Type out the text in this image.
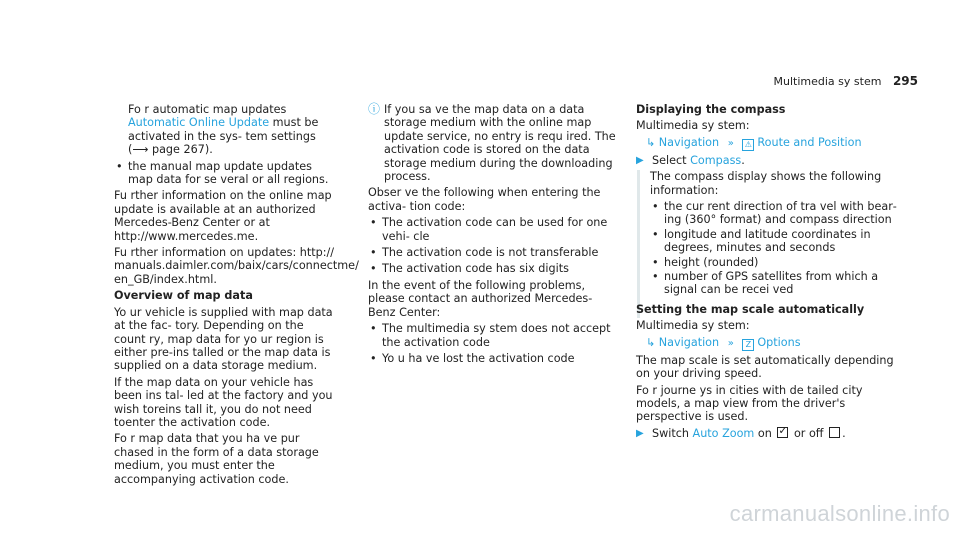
Multimedia sy stem 295

Fo r automatic map updates Automatic Online Update must be activated in the sys‐ tem settings (⟶ page 267).

• the manual map update updates map data for se veral or all regions.

Fu rther information on the online map update is available at an authorized Mercedes-Benz Center or at http://www.mercedes.me.

Fu rther information on updates: http:// manuals.daimler.com/baix/cars/connectme/ en_GB/index.html.

Overview of map data

Yo ur vehicle is supplied with map data at the fac‐ tory. Depending on the count ry, map data for yo ur region is either pre-ins talled or the map data is supplied on a data storage medium.

If the map data on your vehicle has been ins tal‐ led at the factory and you wish toreins tall it, you do not need toenter the activation code.

Fo r map data that you ha ve pur chased in the form of a data storage medium, you must enter the accompanying activation code.

ⓘ If you sa ve the map data on a data storage medium with the online map update service, no entry is requ ired. The activation code is stored on the data storage medium during the downloading process.

Obser ve the following when entering the activa‐ tion code:

• The activation code can be used for one vehi‐ cle

• The activation code is not transferable

• The activation code has six digits

In the event of the following problems, please contact an authorized Mercedes-Benz Center:

• The multimedia sy stem does not accept the activation code

• Yo u ha ve lost the activation code

Displaying the compass

Multimedia sy stem:

↳ Navigation » ⚠ Route and Position

▶ Select Compass.

The compass display shows the following information:

• the cur rent direction of tra vel with bear‐ ing (360° format) and compass direction

• longitude and latitude coordinates in degrees, minutes and seconds

• height (rounded)

• number of GPS satellites from which a signal can be recei ved

Setting the map scale automatically

Multimedia sy stem:

↳ Navigation » Z Options

The map scale is set automatically depending on your driving speed.

Fo r journe ys in cities with de tailed city models, a map view from the driver's perspective is used.

▶ Switch Auto Zoom on ✓ or off .

carmanualsonline.info
